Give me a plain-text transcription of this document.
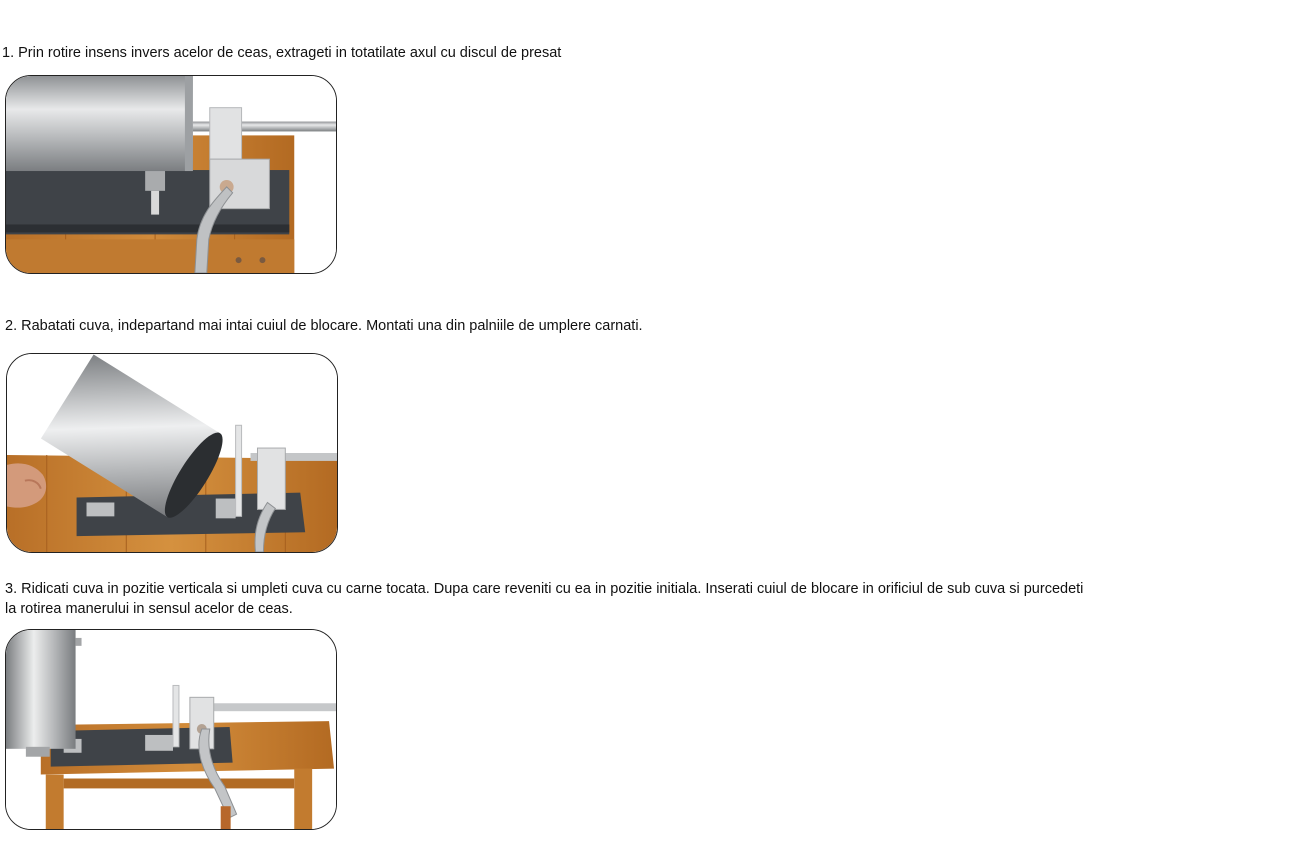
1. Prin rotire insens invers acelor de ceas, extrageti in totatilate axul cu discul de presat

2. Rabatati cuva, indepartand mai intai cuiul de blocare. Montati una din palniile de umplere carnati.

3. Ridicati cuva in pozitie verticala si umpleti cuva cu carne tocata. Dupa care reveniti cu ea in pozitie initiala. Inserati cuiul de blocare in orificiul de sub cuva si purcedeti
la rotirea manerului in sensul acelor de ceas.
